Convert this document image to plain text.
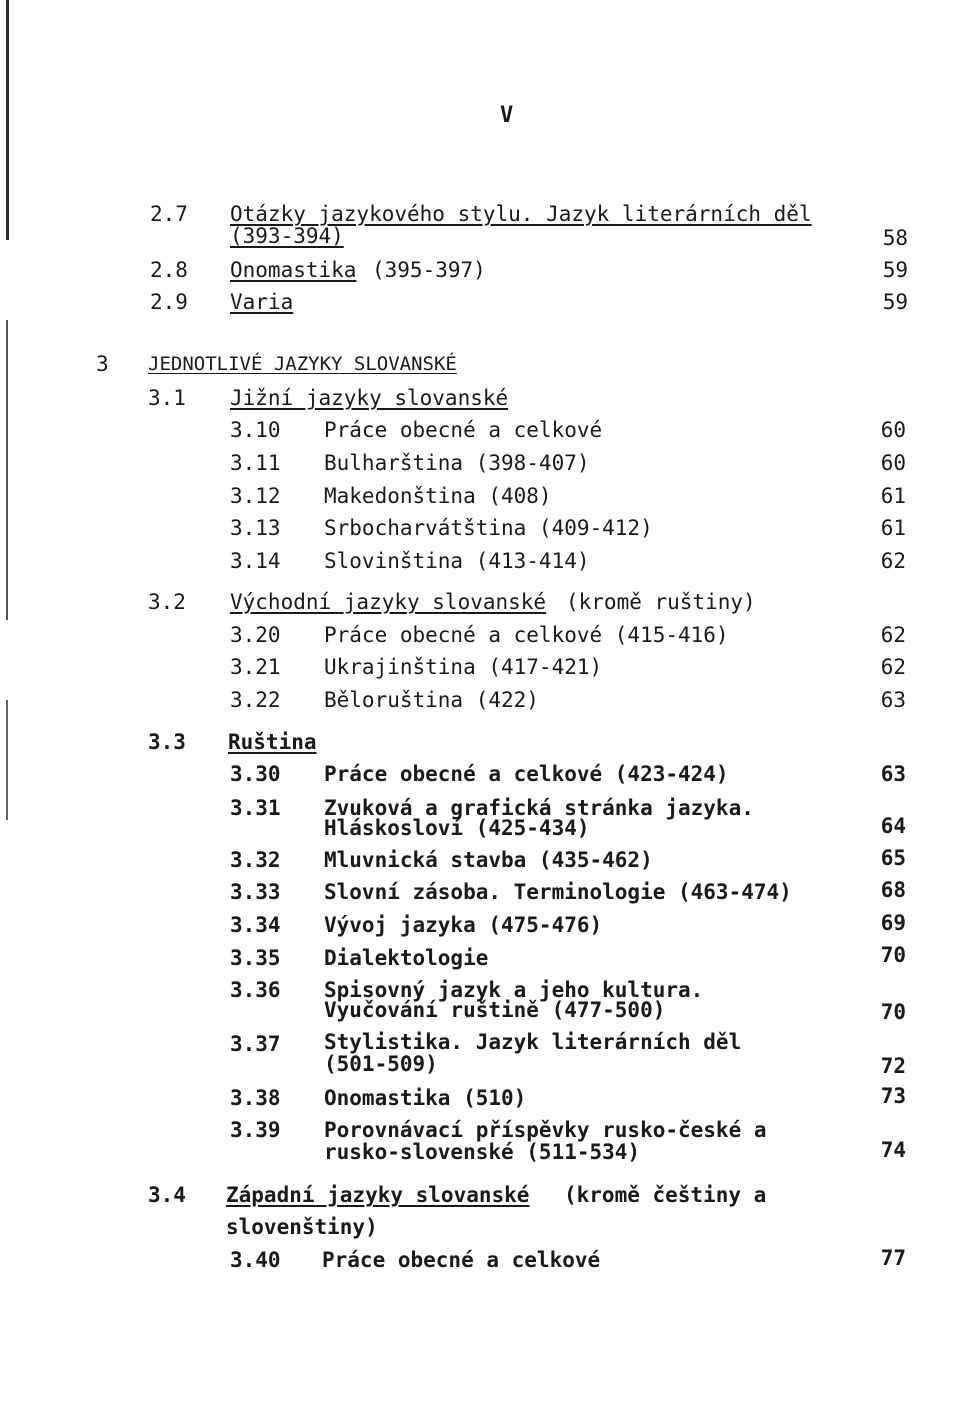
V
2.7 Otázky jazykového stylu. Jazyk literárních děl
(393-394)	58
2.8 Onomastika (395-397)	59
2.9 Varia	59
3 JEDNOTLIVÉ JAZYKY SLOVANSKÉ
3.1 Jižní jazyky slovanské
3.10 Práce obecné a celkové	60
3.11 Bulharština (398-407)	60
3.12 Makedonština (408)	61
3.13 Srbocharvátština (409-412)	61
3.14 Slovinština (413-414)	62
3.2 Východní jazyky slovanské (kromě ruštiny)
3.20 Práce obecné a celkové (415-416)	62
3.21 Ukrajinština (417-421)	62
3.22 Běloruština (422)	63
3.3 Ruština
3.30 Práce obecné a celkové (423-424)	63
3.31 Zvuková a grafická stránka jazyka.
Hláskosloví (425-434)	64
3.32 Mluvnická stavba (435-462)	65
3.33 Slovní zásoba. Terminologie (463-474)	68
3.34 Vývoj jazyka (475-476)	69
3.35 Dialektologie	70
3.36 Spisovný jazyk a jeho kultura.
Vyučování ruštině (477-500)	70
3.37 Stylistika. Jazyk literárních děl
(501-509)	72
3.38 Onomastika (510)	73
3.39 Porovnávací příspěvky rusko-české a
rusko-slovenské (511-534)	74
3.4 Západní jazyky slovanské (kromě češtiny a
slovenštiny)
3.40 Práce obecné a celkové	77
